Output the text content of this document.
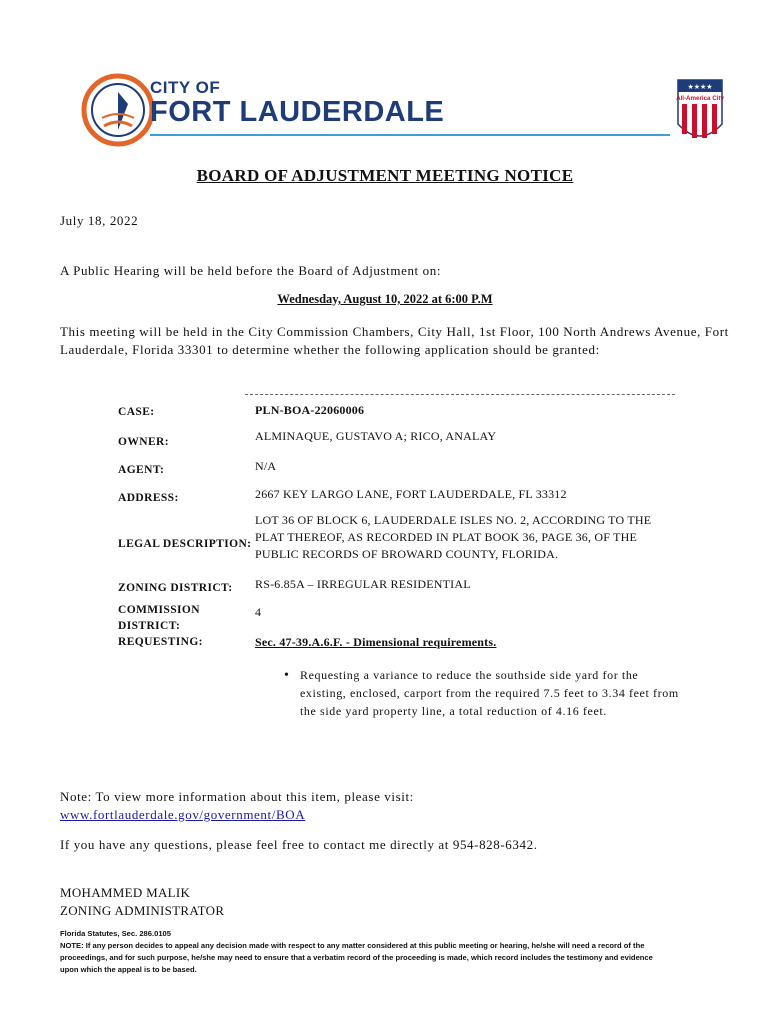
CITY OF
FORT LAUDERDALE
★★★★
All-America City
BOARD OF ADJUSTMENT MEETING NOTICE
July 18, 2022
A Public Hearing will be held before the Board of Adjustment on:
Wednesday, August 10, 2022 at 6:00 P.M
This meeting will be held in the City Commission Chambers, City Hall, 1st Floor, 100 North Andrews Avenue, Fort Lauderdale, Florida 33301 to determine whether the following application should be granted:
CASE:	PLN-BOA-22060006
OWNER:	ALMINAQUE, GUSTAVO A; RICO, ANALAY
AGENT:	N/A
ADDRESS:	2667 KEY LARGO LANE, FORT LAUDERDALE, FL 33312
LEGAL DESCRIPTION:
LOT 36 OF BLOCK 6, LAUDERDALE ISLES NO. 2, ACCORDING TO THE PLAT THEREOF, AS RECORDED IN PLAT BOOK 36, PAGE 36, OF THE PUBLIC RECORDS OF BROWARD COUNTY, FLORIDA.
ZONING DISTRICT: RS-6.85A – IRREGULAR RESIDENTIAL
COMMISSION
DISTRICT:
4
REQUESTING:	Sec. 47-39.A.6.F. - Dimensional requirements.
• Requesting a variance to reduce the southside side yard for the existing, enclosed, carport from the required 7.5 feet to 3.34 feet from the side yard property line, a total reduction of 4.16 feet.
Note: To view more information about this item, please visit:
www.fortlauderdale.gov/government/BOA
If you have any questions, please feel free to contact me directly at 954-828-6342.
MOHAMMED MALIK
ZONING ADMINISTRATOR
Florida Statutes, Sec. 286.0105
NOTE: If any person decides to appeal any decision made with respect to any matter considered at this public meeting or hearing, he/she will need a record of the proceedings, and for such purpose, he/she may need to ensure that a verbatim record of the proceeding is made, which record includes the testimony and evidence upon which the appeal is to be based.
